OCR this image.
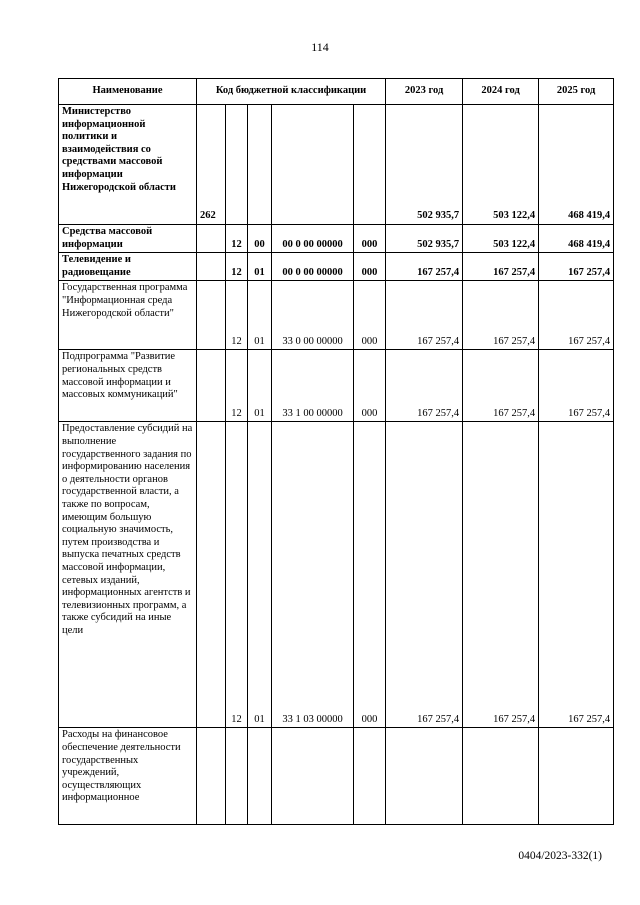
114
Наименование	Код бюджетной классификации					2023 год	2024 год	2025 год
Министерство информационной политики и взаимодействия со средствами массовой информации Нижегородской области	262					502 935,7	503 122,4	468 419,4
Средства массовой информации		12	00	00 0 00 00000	000	502 935,7	503 122,4	468 419,4
Телевидение и радиовещание		12	01	00 0 00 00000	000	167 257,4	167 257,4	167 257,4
Государственная программа "Информационная среда Нижегородской области"		12	01	33 0 00 00000	000	167 257,4	167 257,4	167 257,4
Подпрограмма "Развитие региональных средств массовой информации и массовых коммуникаций"		12	01	33 1 00 00000	000	167 257,4	167 257,4	167 257,4
Предоставление субсидий на выполнение государственного задания по информированию населения о деятельности органов государственной власти, а также по вопросам, имеющим большую социальную значимость, путем производства и выпуска печатных средств массовой информации, сетевых изданий, информационных агентств и телевизионных программ, а также субсидий на иные цели		12	01	33 1 03 00000	000	167 257,4	167 257,4	167 257,4
Расходы на финансовое обеспечение деятельности государственных учреждений, осуществляющих информационное								
0404/2023-332(1)
